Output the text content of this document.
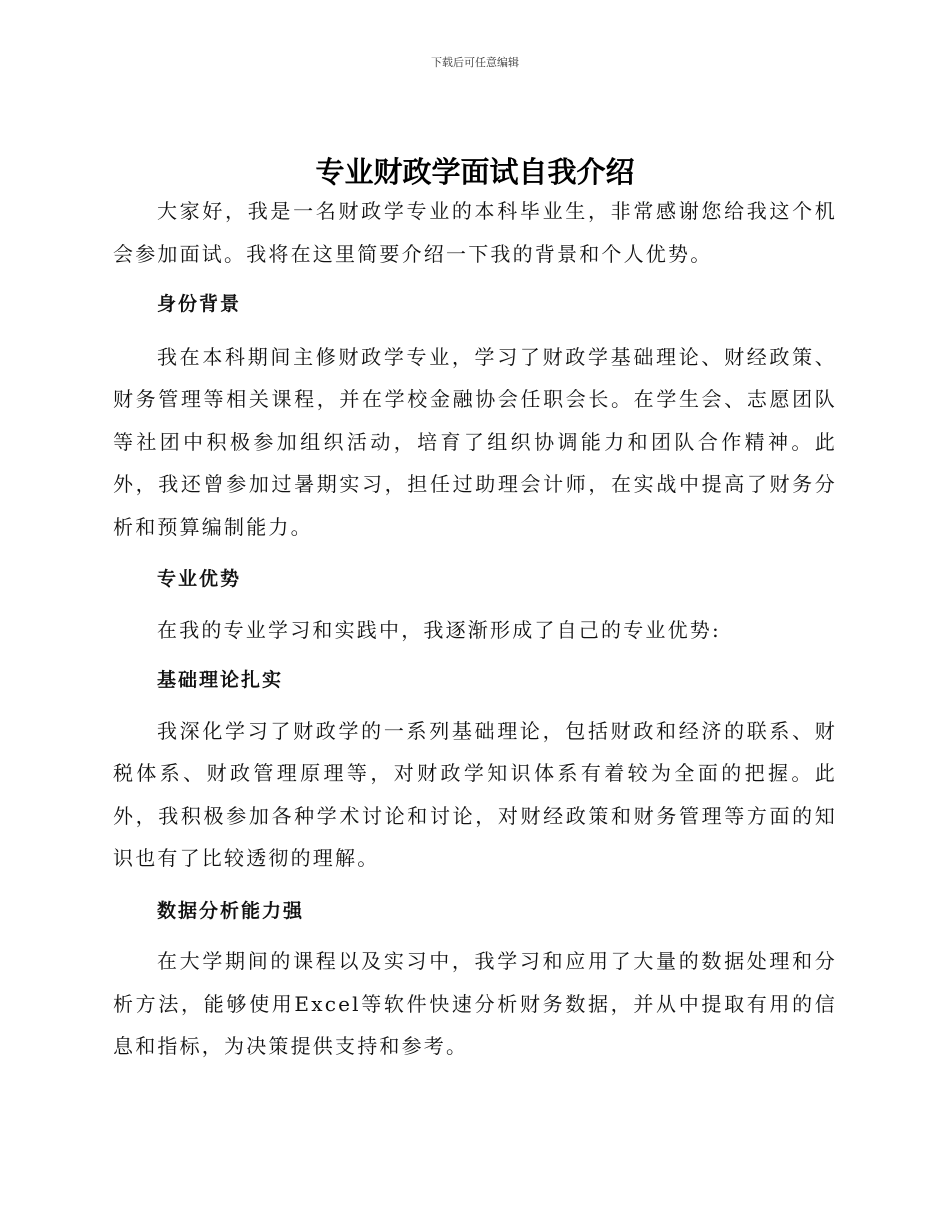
下载后可任意编辑
专业财政学面试自我介绍

大家好，我是一名财政学专业的本科毕业生，非常感谢您给我这个机会参加面试。我将在这里简要介绍一下我的背景和个人优势。

身份背景

我在本科期间主修财政学专业，学习了财政学基础理论、财经政策、财务管理等相关课程，并在学校金融协会任职会长。在学生会、志愿团队等社团中积极参加组织活动，培育了组织协调能力和团队合作精神。此外，我还曾参加过暑期实习，担任过助理会计师，在实战中提高了财务分析和预算编制能力。

专业优势

在我的专业学习和实践中，我逐渐形成了自己的专业优势:

基础理论扎实

我深化学习了财政学的一系列基础理论，包括财政和经济的联系、财税体系、财政管理原理等，对财政学知识体系有着较为全面的把握。此外，我积极参加各种学术讨论和讨论，对财经政策和财务管理等方面的知识也有了比较透彻的理解。

数据分析能力强

在大学期间的课程以及实习中，我学习和应用了大量的数据处理和分析方法，能够使用Excel等软件快速分析财务数据，并从中提取有用的信息和指标，为决策提供支持和参考。
